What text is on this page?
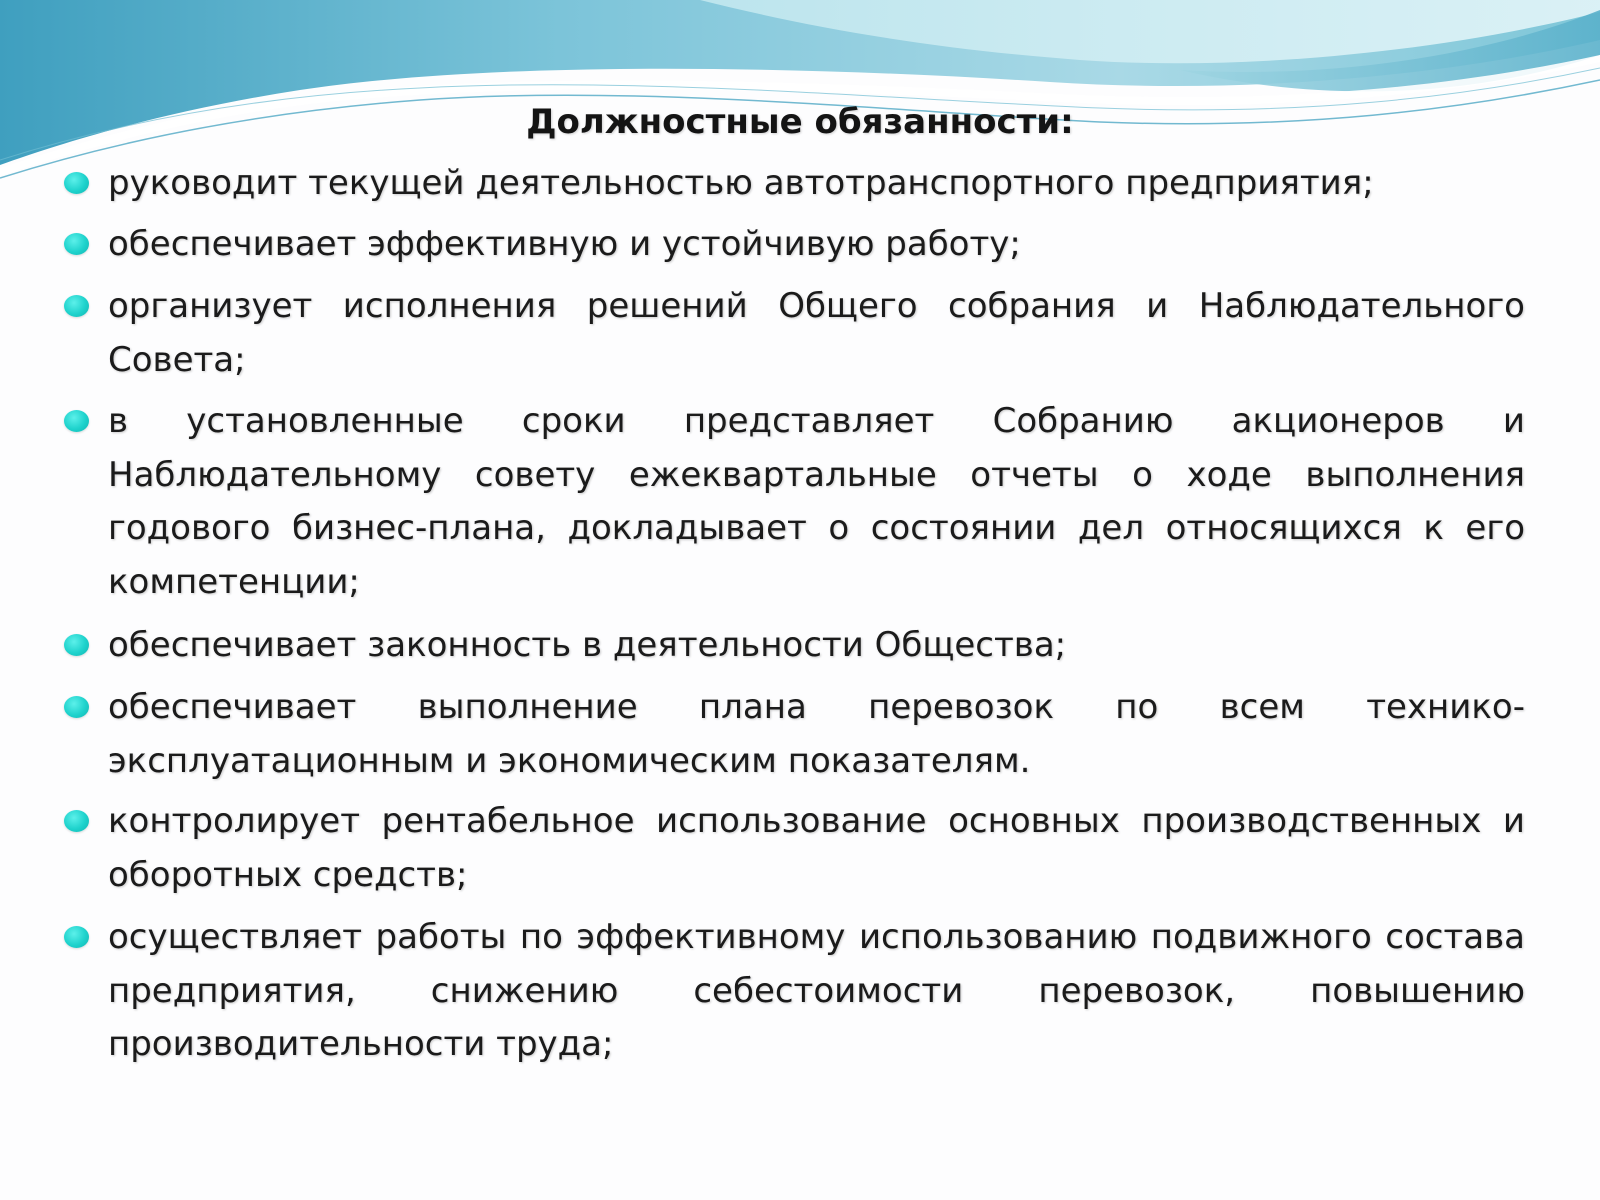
Должностные обязанности:
руководит текущей деятельностью автотранспортного предприятия;
обеспечивает эффективную и устойчивую работу;
организует исполнения решений Общего собрания и Наблюдательного Совета;
в установленные сроки представляет Собранию акционеров и Наблюдательному совету ежеквартальные отчеты о ходе выполнения годового бизнес-плана, докладывает о состоянии дел относящихся к его компетенции;
обеспечивает законность в деятельности Общества;
обеспечивает выполнение плана перевозок по всем технико-эксплуатационным и экономическим показателям.
контролирует рентабельное использование основных производственных и оборотных средств;
осуществляет работы по эффективному использованию подвижного состава предприятия, снижению себестоимости перевозок, повышению производительности труда;
